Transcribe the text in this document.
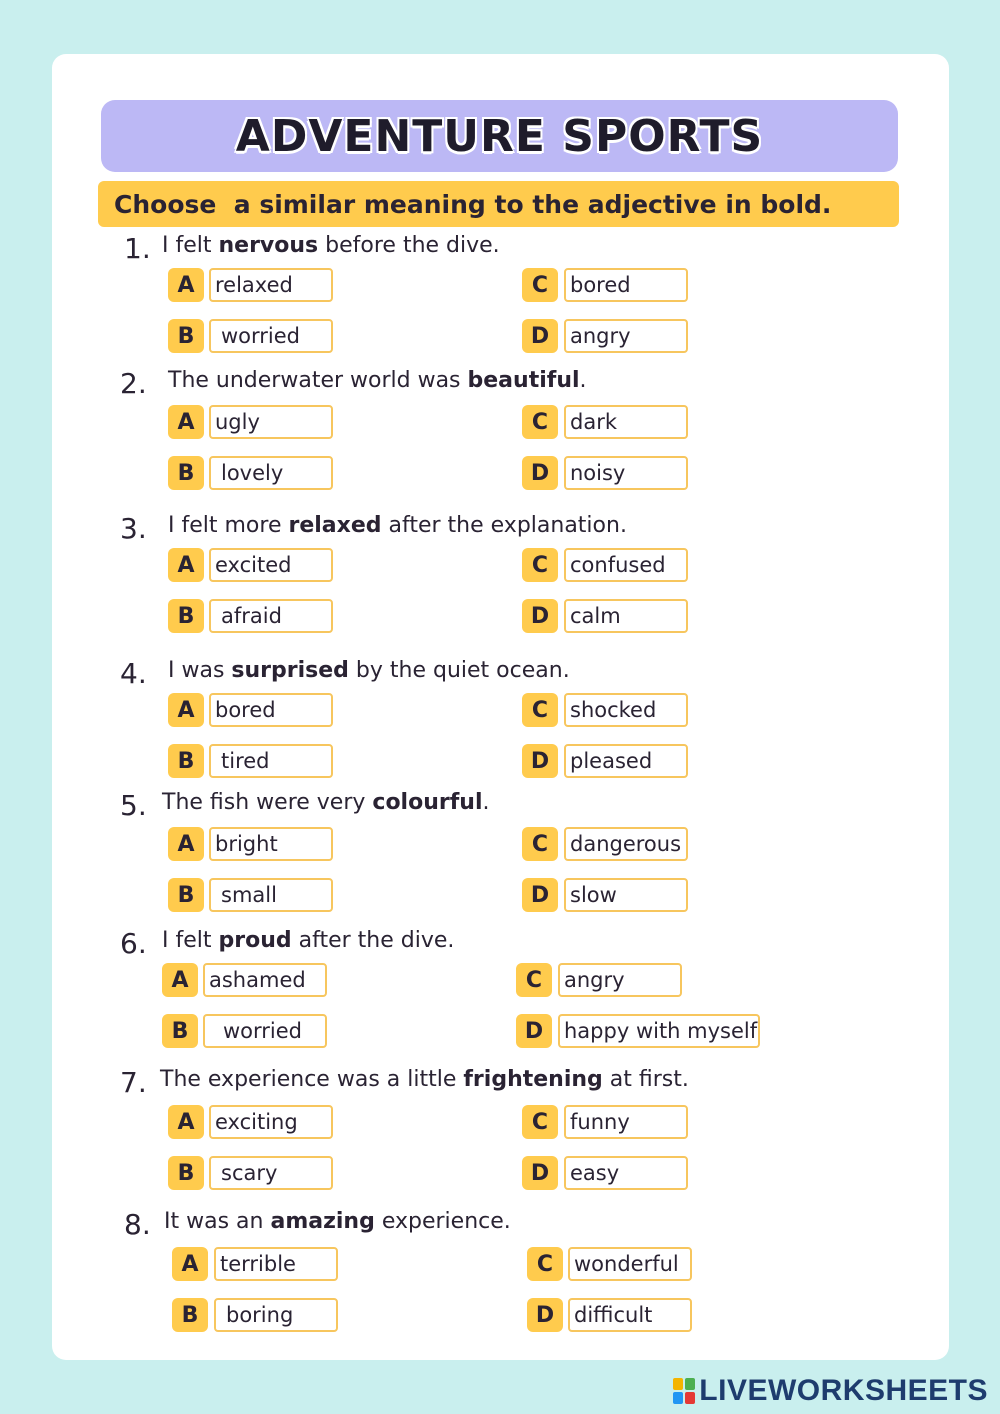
ADVENTURE SPORTS
Choose  a similar meaning to the adjective in bold.
1. I felt nervous before the dive.
A relaxed
B	worried
C	bored
D angry
2. The underwater world was beautiful.
A ugly
B	lovely
C	dark
D noisy
3. I felt more relaxed after the explanation.
A excited
B	afraid
C	confused
D calm
4. I was surprised by the quiet ocean.
A bored
B	tired
C	shocked
D pleased
5. The fish were very colourful.
A bright
B	small
C	dangerous
D slow
6. I felt proud after the dive.
A ashamed
B	worried
C	angry
D happy with myself
7. The experience was a little frightening at first.
A exciting
B	scary
C	funny
D easy
8. It was an amazing experience.
A	terrible
B	boring
C wonderful
D difficult
LIVEWORKSHEETS
